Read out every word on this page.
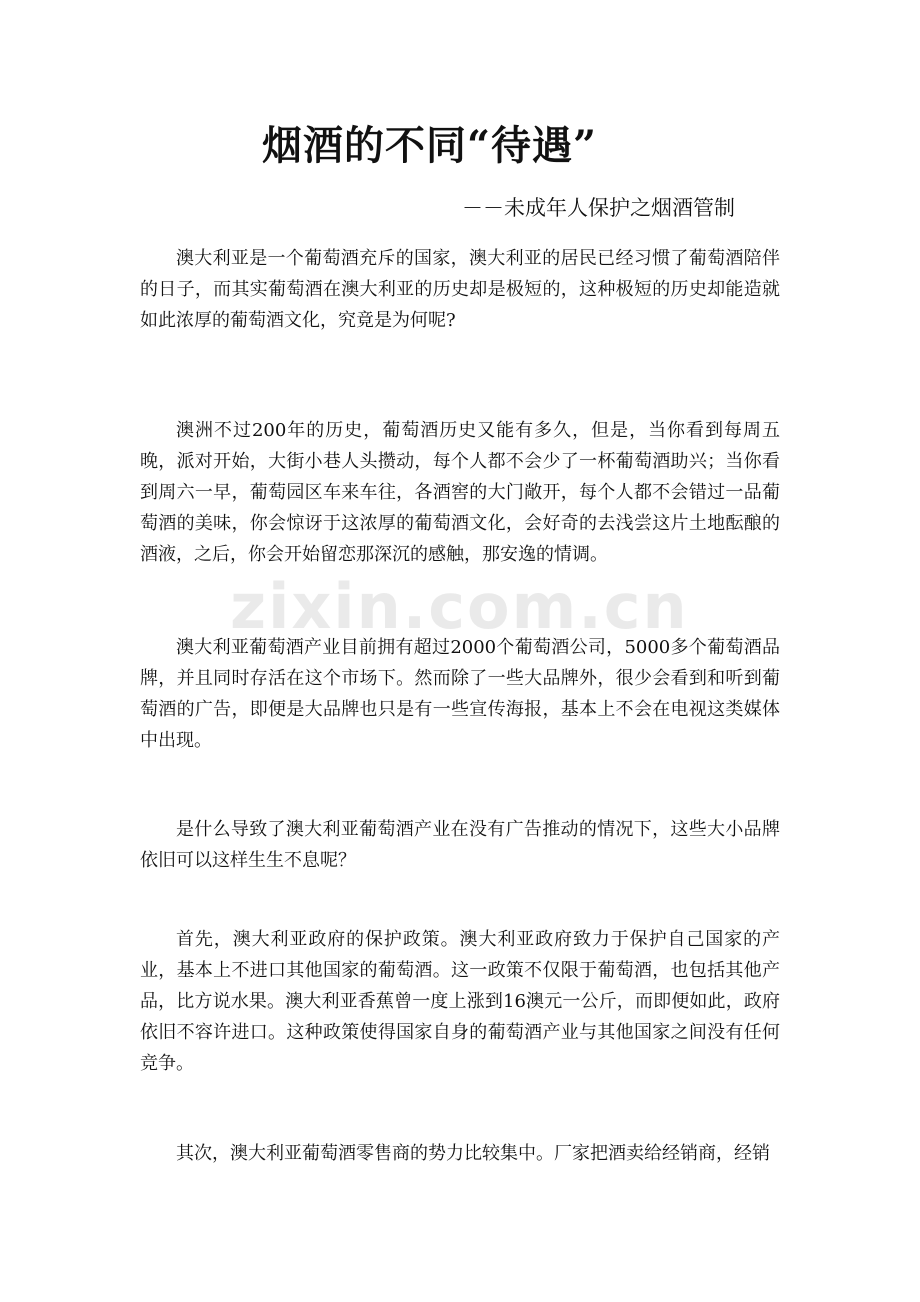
烟酒的不同“待遇”
－－未成年人保护之烟酒管制

澳大利亚是一个葡萄酒充斥的国家，澳大利亚的居民已经习惯了葡萄酒陪伴的日子，而其实葡萄酒在澳大利亚的历史却是极短的，这种极短的历史却能造就如此浓厚的葡萄酒文化，究竟是为何呢?

澳洲不过200年的历史，葡萄酒历史又能有多久，但是，当你看到每周五晚，派对开始，大街小巷人头攒动，每个人都不会少了一杯葡萄酒助兴；当你看到周六一早，葡萄园区车来车往，各酒窖的大门敞开，每个人都不会错过一品葡萄酒的美味，你会惊讶于这浓厚的葡萄酒文化，会好奇的去浅尝这片土地酝酿的酒液，之后，你会开始留恋那深沉的感触，那安逸的情调。

澳大利亚葡萄酒产业目前拥有超过2000个葡萄酒公司，5000多个葡萄酒品牌，并且同时存活在这个市场下。然而除了一些大品牌外，很少会看到和听到葡萄酒的广告，即便是大品牌也只是有一些宣传海报，基本上不会在电视这类媒体中出现。

是什么导致了澳大利亚葡萄酒产业在没有广告推动的情况下，这些大小品牌依旧可以这样生生不息呢？

首先，澳大利亚政府的保护政策。澳大利亚政府致力于保护自己国家的产业，基本上不进口其他国家的葡萄酒。这一政策不仅限于葡萄酒，也包括其他产品，比方说水果。澳大利亚香蕉曾一度上涨到16澳元一公斤，而即便如此，政府依旧不容许进口。这种政策使得国家自身的葡萄酒产业与其他国家之间没有任何竞争。

其次，澳大利亚葡萄酒零售商的势力比较集中。厂家把酒卖给经销商，经销

zixin.com.cn
